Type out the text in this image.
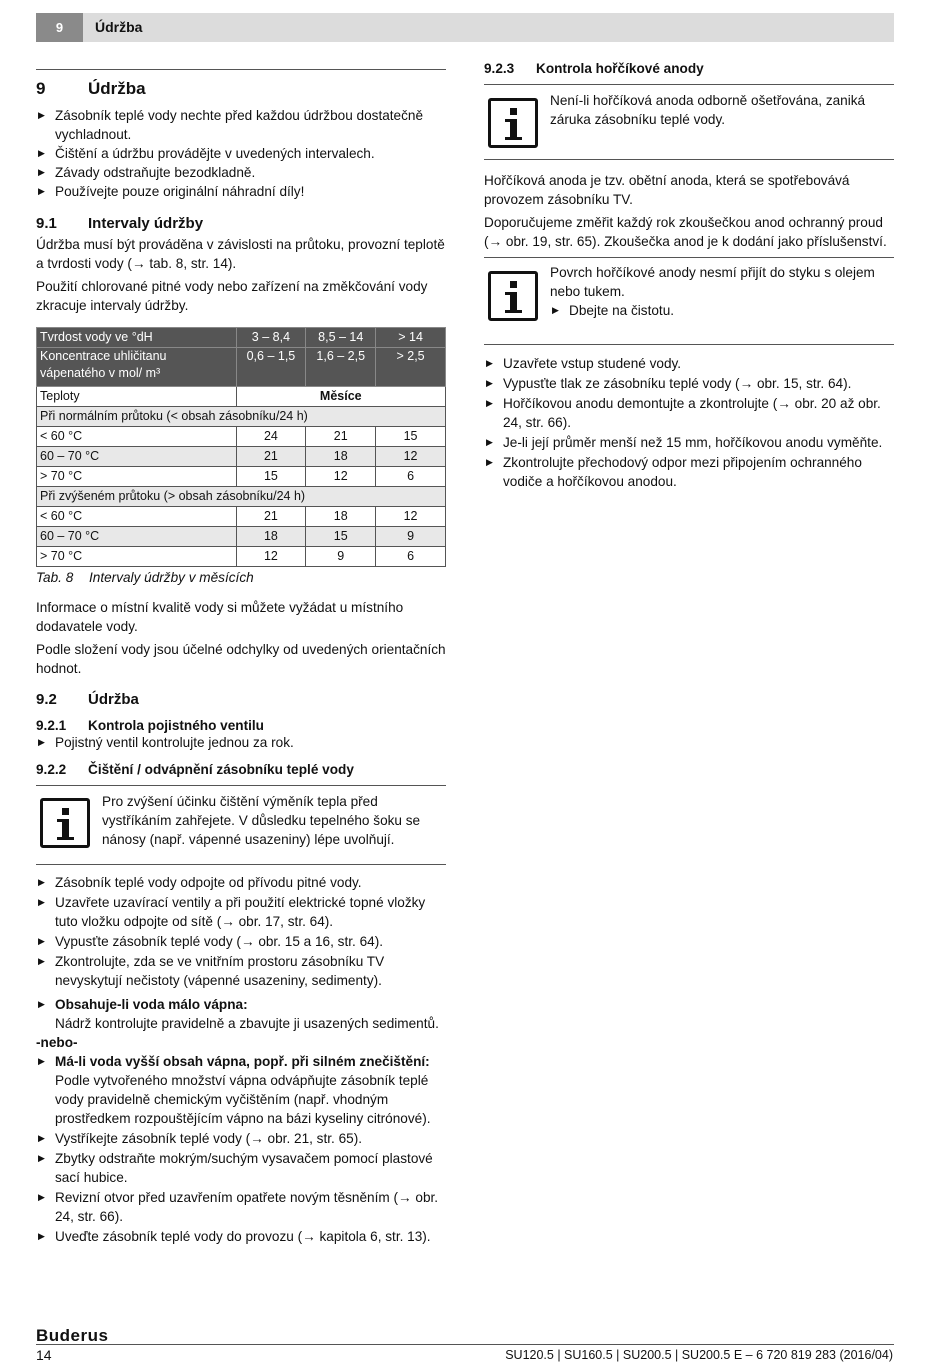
9	Údržba
9	Údržba
▶ Zásobník teplé vody nechte před každou údržbou dostatečně vychladnout.
▶ Čištění a údržbu provádějte v uvedených intervalech.
▶ Závady odstraňujte bezodkladně.
▶ Používejte pouze originální náhradní díly!
9.1	Intervaly údržby

Údržba musí být prováděna v závislosti na průtoku, provozní teplotě a tvrdosti vody (→ tab. 8, str. 14).

Použití chlorované pitné vody nebo zařízení na změkčování vody zkracuje intervaly údržby.

Tvrdost vody ve °dH	3 – 8,4	8,5 – 14	> 14
Koncentrace uhličitanu vápenatého v mol/ m³	0,6 – 1,5	1,6 – 2,5	> 2,5
Teploty	Měsíce		
Při normálním průtoku (< obsah zásobníku/24 h)			
< 60 °C	24	21	15
60 – 70 °C	21	18	12
> 70 °C	15	12	6
Při zvýšeném průtoku (> obsah zásobníku/24 h)			
< 60 °C	21	18	12
60 – 70 °C	18	15	9
> 70 °C	12	9	6
Tab. 8	Intervaly údržby v měsících

Informace o místní kvalitě vody si můžete vyžádat u místního dodavatele vody.

Podle složení vody jsou účelné odchylky od uvedených orientačních hodnot.

9.2	Údržba
9.2.1	Kontrola pojistného ventilu
▶ Pojistný ventil kontrolujte jednou za rok.
9.2.2	Čištění / odvápnění zásobníku teplé vody

Pro zvýšení účinku čištění výměník tepla před vystříkáním zahřejete. V důsledku tepelného šoku se nánosy (např. vápenné usazeniny) lépe uvolňují.

▶ Zásobník teplé vody odpojte od přívodu pitné vody.
▶ Uzavřete uzavírací ventily a při použití elektrické topné vložky tuto vložku odpojte od sítě (→ obr. 17, str. 64).
▶ Vypusťte zásobník teplé vody (→ obr. 15 a 16, str. 64).
▶ Zkontrolujte, zda se ve vnitřním prostoru zásobníku TV nevyskytují nečistoty (vápenné usazeniny, sedimenty).
▶ Obsahuje-li voda málo vápna:
Nádrž kontrolujte pravidelně a zbavujte ji usazených sedimentů.

-nebo-

▶ Má-li voda vyšší obsah vápna, popř. při silném znečištění:
Podle vytvořeného množství vápna odvápňujte zásobník teplé vody pravidelně chemickým vyčištěním (např. vhodným prostředkem rozpouštějícím vápno na bázi kyseliny citrónové).
▶ Vystříkejte zásobník teplé vody (→ obr. 21, str. 65).
▶ Zbytky odstraňte mokrým/suchým vysavačem pomocí plastové sací hubice.
▶ Revizní otvor před uzavřením opatřete novým těsněním (→ obr. 24, str. 66).
▶ Uveďte zásobník teplé vody do provozu (→ kapitola 6, str. 13).
9.2.3	Kontrola hořčíkové anody

Není-li hořčíková anoda odborně ošetřována, zaniká záruka zásobníku teplé vody.

Hořčíková anoda je tzv. obětní anoda, která se spotřebovává provozem zásobníku TV.

Doporučujeme změřit každý rok zkoušečkou anod ochranný proud (→ obr. 19, str. 65). Zkoušečka anod je k dodání jako příslušenství.

Povrch hořčíkové anody nesmí přijít do styku s olejem nebo tukem.

▶ Dbejte na čistotu.
▶ Uzavřete vstup studené vody.
▶ Vypusťte tlak ze zásobníku teplé vody (→ obr. 15, str. 64).
▶ Hořčíkovou anodu demontujte a zkontrolujte (→ obr. 20 až obr. 24, str. 66).
▶ Je-li její průměr menší než 15 mm, hořčíkovou anodu vyměňte.
▶ Zkontrolujte přechodový odpor mezi připojením ochranného vodiče a hořčíkovou anodou.
Buderus
14	SU120.5 | SU160.5 | SU200.5 | SU200.5 E – 6 720 819 283 (2016/04)
